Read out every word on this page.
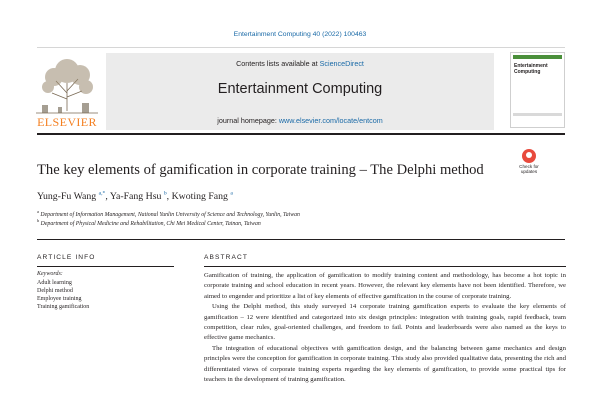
Entertainment Computing 40 (2022) 100463
ELSEVIER
Contents lists available at ScienceDirect
Entertainment Computing
journal homepage: www.elsevier.com/locate/entcom
Entertainment Computing
The key elements of gamification in corporate training – The Delphi method	Check for
updates
Yung-Fu Wang $^{a,*}$, Ya-Fang Hsu $^b$, Kwoting Fang $^a$
$^a$ Department of Information Management, National Yunlin University of Science and Technology, Yunlin, Taiwan
$^b$ Department of Physical Medicine and Rehabilitation, Chi Mei Medical Center, Tainan, Taiwan
ARTICLE INFO
Keywords:
Adult learning
Delphi method
Employee training
Training gamification
ABSTRACT

Gamification of training, the application of gamification to modify training content and methodology, has become a hot topic in corporate training and school education in recent years. However, the relevant key elements have not been identified. Therefore, we aimed to engender and prioritize a list of key elements of effective gamification in the course of corporate training.

Using the Delphi method, this study surveyed 14 corporate training gamification experts to evaluate the key elements of gamification – 12 were identified and categorized into six design principles: integration with training goals, rapid feedback, team competition, clear rules, goal-oriented challenges, and freedom to fail. Points and leaderboards were also named as the keys to effective game mechanics.

The integration of educational objectives with gamification design, and the balancing between game mechanics and design principles were the conception for gamification in corporate training. This study also provided qualitative data, presenting the rich and differentiated views of corporate training experts regarding the key elements of gamification, to provide some practical tips for teachers in the development of training gamification.
